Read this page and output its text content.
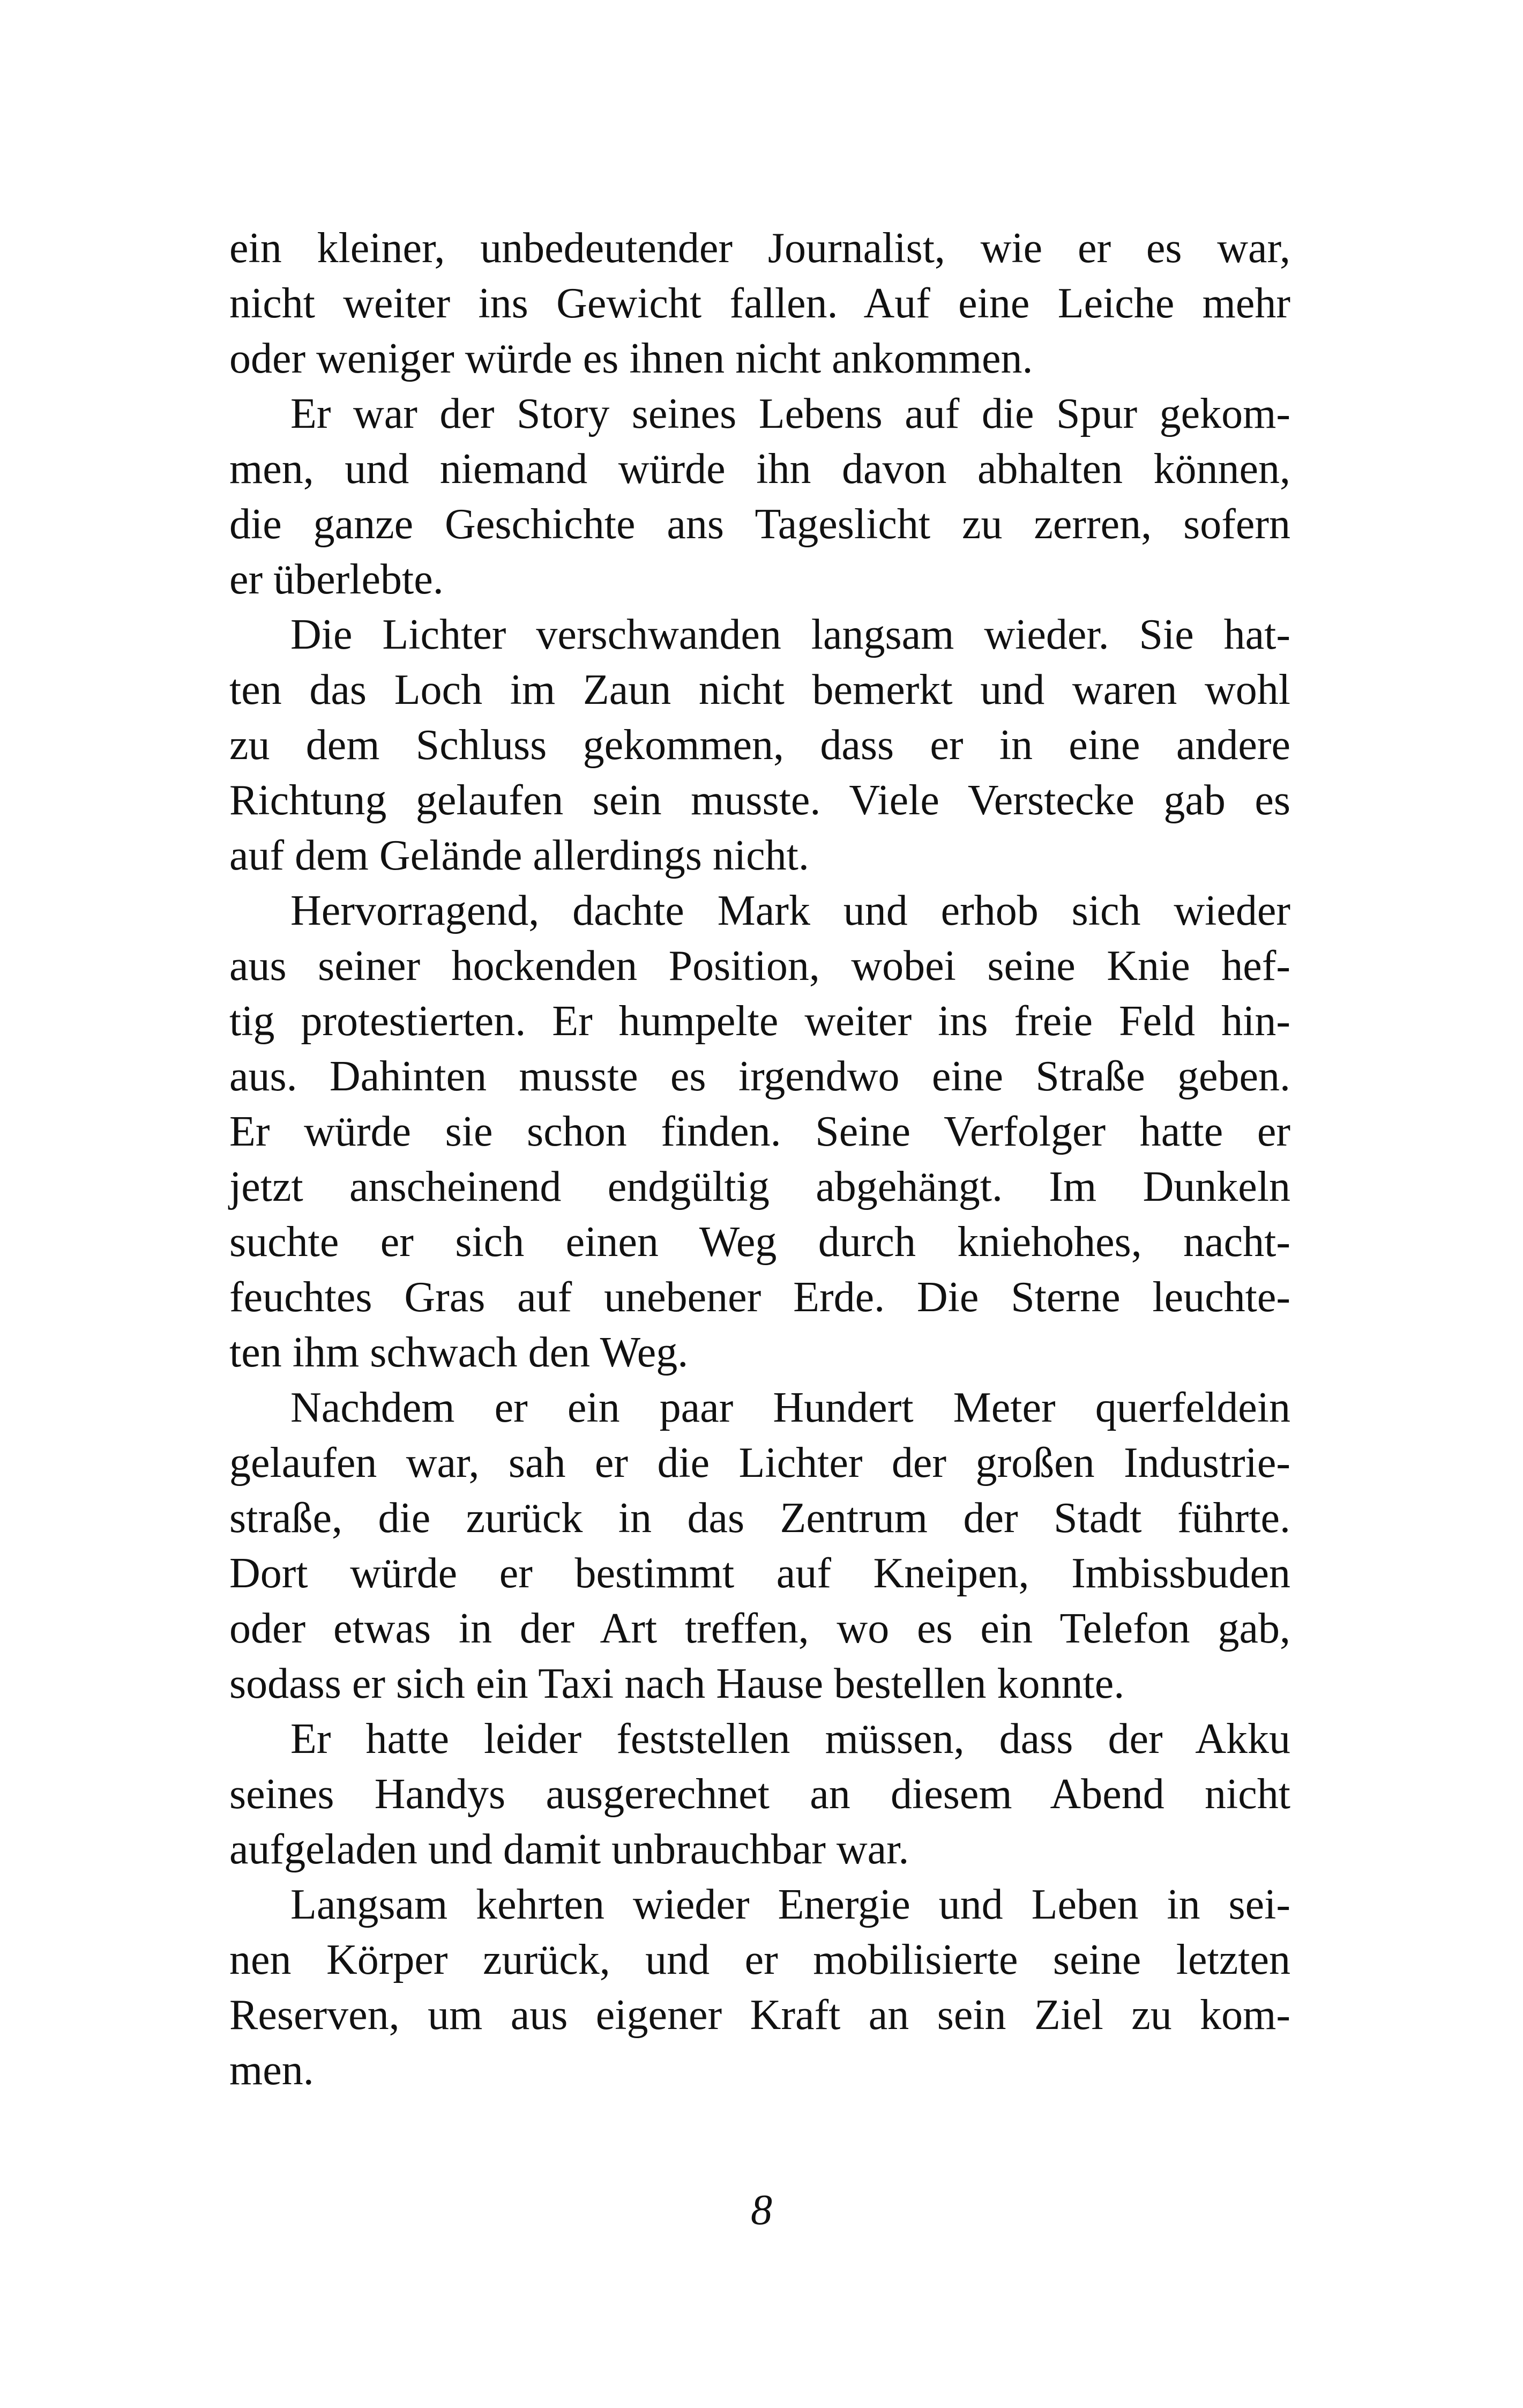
ein kleiner, unbedeutender Journalist, wie er es war,
nicht weiter ins Gewicht fallen. Auf eine Leiche mehr
oder weniger würde es ihnen nicht ankommen.
Er war der Story seines Lebens auf die Spur gekom-
men, und niemand würde ihn davon abhalten können,
die ganze Geschichte ans Tageslicht zu zerren, sofern
er überlebte.
Die Lichter verschwanden langsam wieder. Sie hat-
ten das Loch im Zaun nicht bemerkt und waren wohl
zu dem Schluss gekommen, dass er in eine andere
Richtung gelaufen sein musste. Viele Verstecke gab es
auf dem Gelände allerdings nicht.
Hervorragend, dachte Mark und erhob sich wieder
aus seiner hockenden Position, wobei seine Knie hef-
tig protestierten. Er humpelte weiter ins freie Feld hin-
aus. Dahinten musste es irgendwo eine Straße geben.
Er würde sie schon finden. Seine Verfolger hatte er
jetzt anscheinend endgültig abgehängt. Im Dunkeln
suchte er sich einen Weg durch kniehohes, nacht-
feuchtes Gras auf unebener Erde. Die Sterne leuchte-
ten ihm schwach den Weg.
Nachdem er ein paar Hundert Meter querfeldein
gelaufen war, sah er die Lichter der großen Industrie-
straße, die zurück in das Zentrum der Stadt führte.
Dort würde er bestimmt auf Kneipen, Imbissbuden
oder etwas in der Art treffen, wo es ein Telefon gab,
sodass er sich ein Taxi nach Hause bestellen konnte.
Er hatte leider feststellen müssen, dass der Akku
seines Handys ausgerechnet an diesem Abend nicht
aufgeladen und damit unbrauchbar war.
Langsam kehrten wieder Energie und Leben in sei-
nen Körper zurück, und er mobilisierte seine letzten
Reserven, um aus eigener Kraft an sein Ziel zu kom-
men.
8
